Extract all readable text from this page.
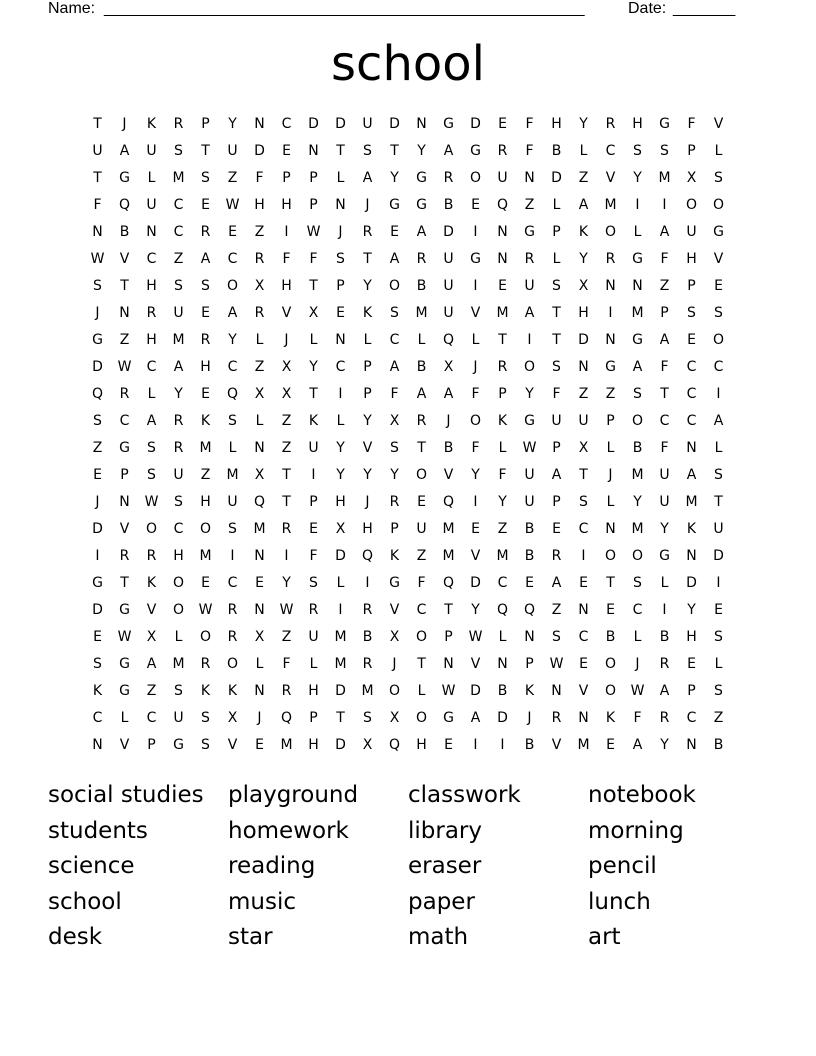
Name: ______________________________________________________	Date: _______
school
T	J	K	R	P	Y	N	C	D	D	U	D	N	G	D	E	F	H	Y	R	H	G	F	V
U	A	U	S	T	U	D	E	N	T	S	T	Y	A	G	R	F	B	L	C	S	S	P	L
T	G	L	M	S	Z	F	P	P	L	A	Y	G	R	O	U	N	D	Z	V	Y	M	X	S
F	Q	U	C	E	W	H	H	P	N	J	G	G	B	E	Q	Z	L	A	M	I	I	O	O
N	B	N	C	R	E	Z	I	W	J	R	E	A	D	I	N	G	P	K	O	L	A	U	G
W	V	C	Z	A	C	R	F	F	S	T	A	R	U	G	N	R	L	Y	R	G	F	H	V
S	T	H	S	S	O	X	H	T	P	Y	O	B	U	I	E	U	S	X	N	N	Z	P	E
J	N	R	U	E	A	R	V	X	E	K	S	M	U	V	M	A	T	H	I	M	P	S	S
G	Z	H	M	R	Y	L	J	L	N	L	C	L	Q	L	T	I	T	D	N	G	A	E	O
D	W	C	A	H	C	Z	X	Y	C	P	A	B	X	J	R	O	S	N	G	A	F	C	C
Q	R	L	Y	E	Q	X	X	T	I	P	F	A	A	F	P	Y	F	Z	Z	S	T	C	I
S	C	A	R	K	S	L	Z	K	L	Y	X	R	J	O	K	G	U	U	P	O	C	C	A
Z	G	S	R	M	L	N	Z	U	Y	V	S	T	B	F	L	W	P	X	L	B	F	N	L
E	P	S	U	Z	M	X	T	I	Y	Y	Y	O	V	Y	F	U	A	T	J	M	U	A	S
J	N	W	S	H	U	Q	T	P	H	J	R	E	Q	I	Y	U	P	S	L	Y	U	M	T
D	V	O	C	O	S	M	R	E	X	H	P	U	M	E	Z	B	E	C	N	M	Y	K	U
I	R	R	H	M	I	N	I	F	D	Q	K	Z	M	V	M	B	R	I	O	O	G	N	D
G	T	K	O	E	C	E	Y	S	L	I	G	F	Q	D	C	E	A	E	T	S	L	D	I
D	G	V	O	W	R	N	W	R	I	R	V	C	T	Y	Q	Q	Z	N	E	C	I	Y	E
E	W	X	L	O	R	X	Z	U	M	B	X	O	P	W	L	N	S	C	B	L	B	H	S
S	G	A	M	R	O	L	F	L	M	R	J	T	N	V	N	P	W	E	O	J	R	E	L
K	G	Z	S	K	K	N	R	H	D	M	O	L	W	D	B	K	N	V	O	W	A	P	S
C	L	C	U	S	X	J	Q	P	T	S	X	O	G	A	D	J	R	N	K	F	R	C	Z
N	V	P	G	S	V	E	M	H	D	X	Q	H	E	I	I	B	V	M	E	A	Y	N	B
social studies	playground	classwork	notebook
students	homework	library	morning
science	reading	eraser	pencil
school	music	paper	lunch
desk	star	math	art
